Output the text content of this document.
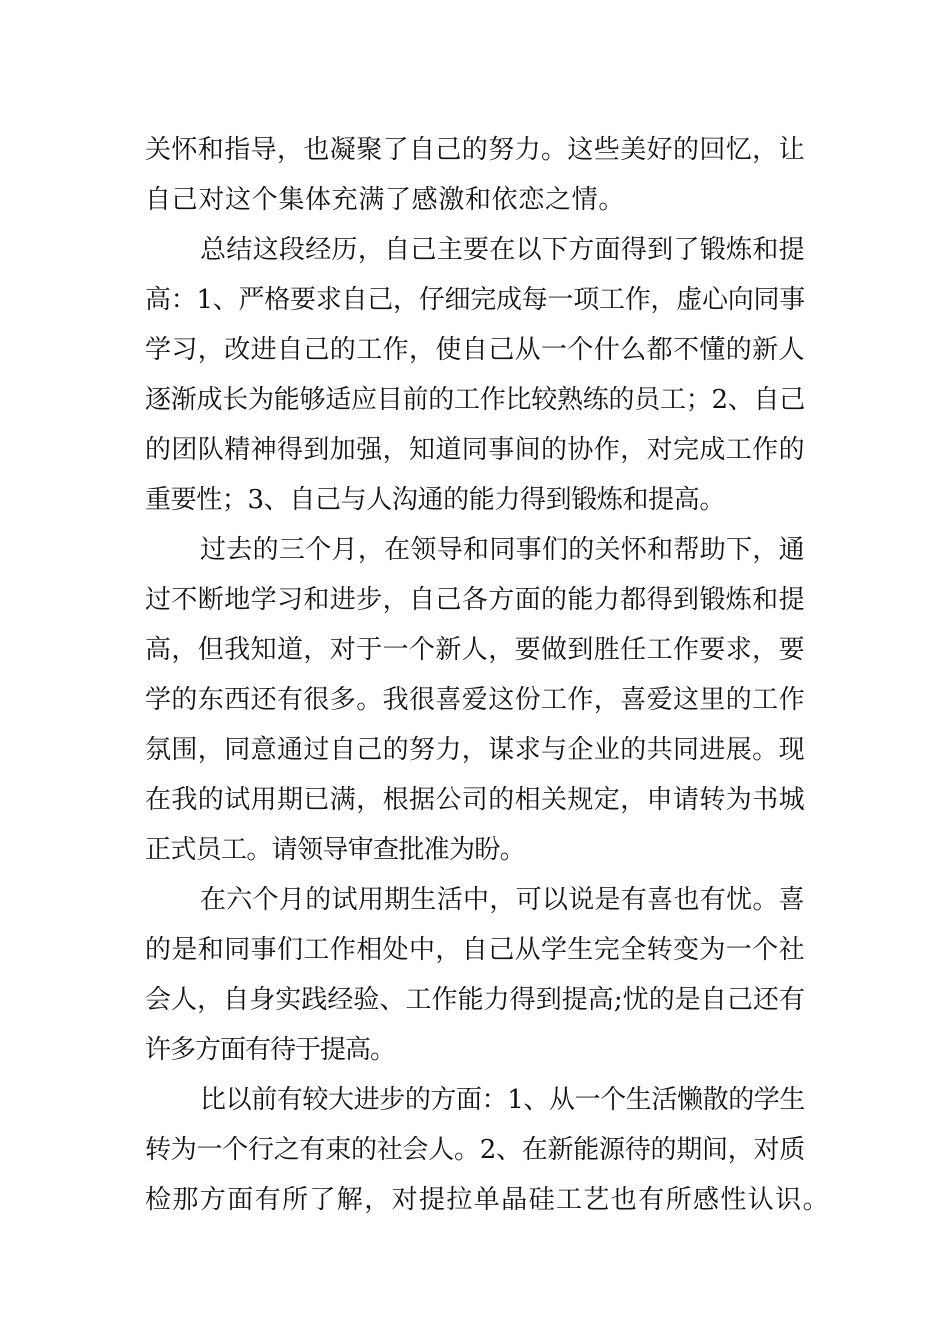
关怀和指导，也凝聚了自己的努力。这些美好的回忆，让

自己对这个集体充满了感激和依恋之情。

总结这段经历，自己主要在以下方面得到了锻炼和提

高：1、严格要求自己，仔细完成每一项工作，虚心向同事

学习，改进自己的工作，使自己从一个什么都不懂的新人

逐渐成长为能够适应目前的工作比较熟练的员工；2、自己

的团队精神得到加强，知道同事间的协作，对完成工作的

重要性；3、自己与人沟通的能力得到锻炼和提高。

过去的三个月，在领导和同事们的关怀和帮助下，通

过不断地学习和进步，自己各方面的能力都得到锻炼和提

高，但我知道，对于一个新人，要做到胜任工作要求，要

学的东西还有很多。我很喜爱这份工作，喜爱这里的工作

氛围，同意通过自己的努力，谋求与企业的共同进展。现

在我的试用期已满，根据公司的相关规定，申请转为书城

正式员工。请领导审查批准为盼。

在六个月的试用期生活中，可以说是有喜也有忧。喜

的是和同事们工作相处中，自己从学生完全转变为一个社

会人，自身实践经验、工作能力得到提高;忧的是自己还有

许多方面有待于提高。

比以前有较大进步的方面：1、从一个生活懒散的学生

转为一个行之有束的社会人。2、在新能源待的期间，对质

检那方面有所了解，对提拉单晶硅工艺也有所感性认识。
